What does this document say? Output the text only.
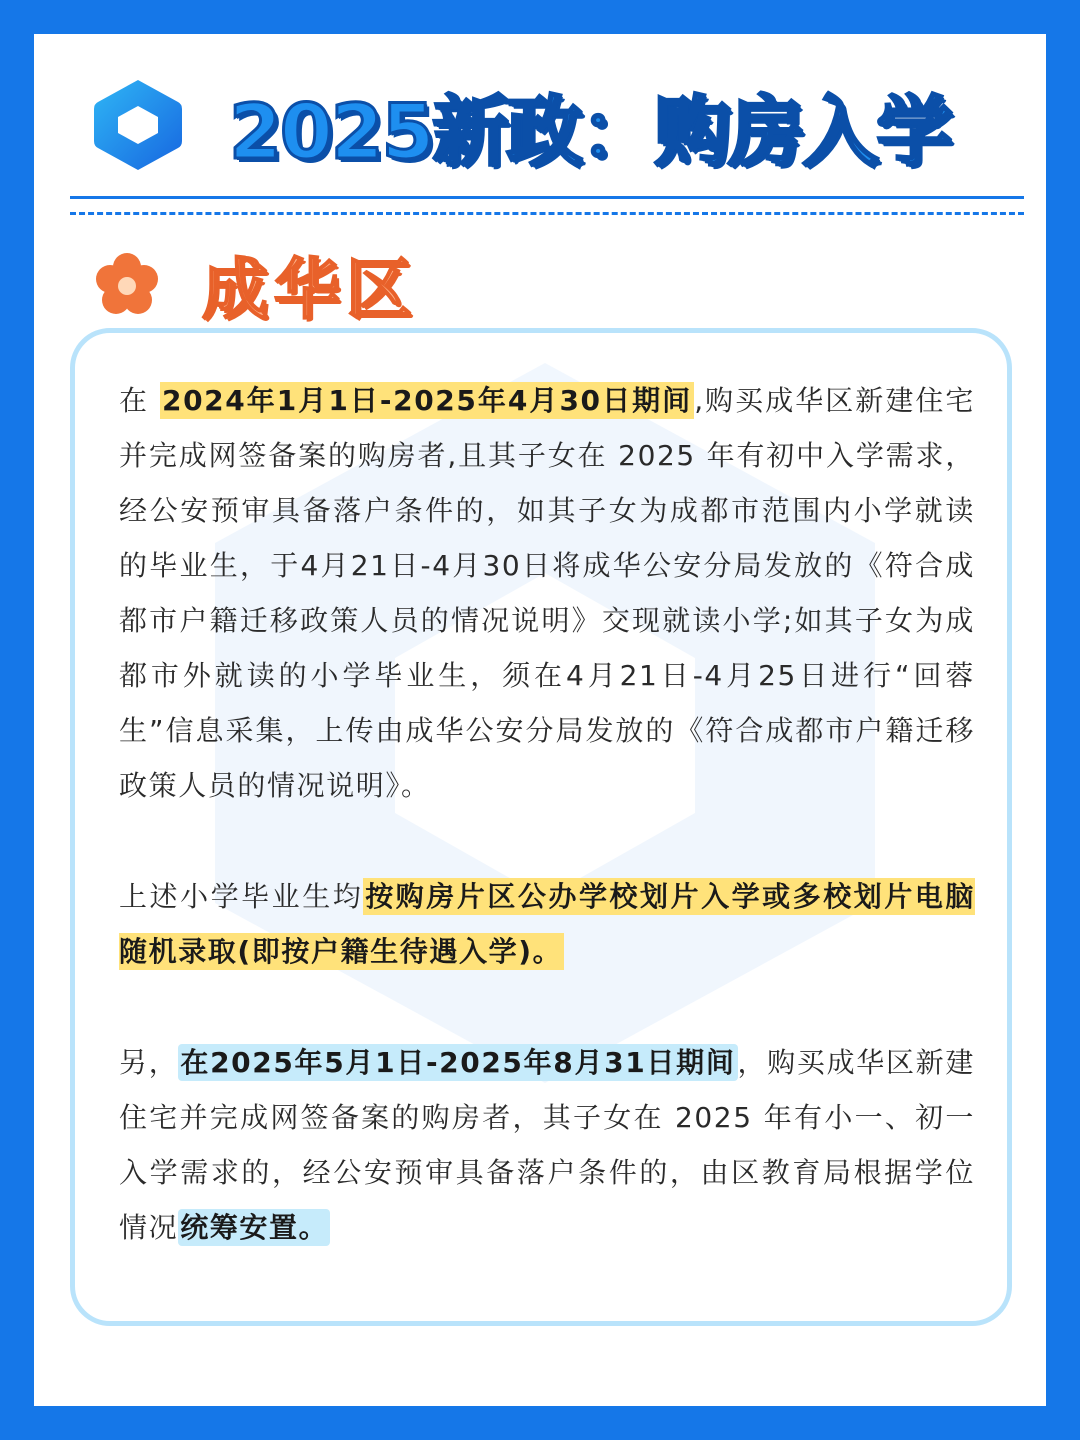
2025新政：购房入学
成华区

在 2024年1月1日-2025年4月30日期间,购买成华区新建住宅并完成网签备案的购房者,且其子女在 2025 年有初中入学需求，经公安预审具备落户条件的，如其子女为成都市范围内小学就读的毕业生，于4月21日-4月30日将成华公安分局发放的《符合成都市户籍迁移政策人员的情况说明》交现就读小学;如其子女为成都市外就读的小学毕业生，须在4月21日-4月25日进行“回蓉生”信息采集，上传由成华公安分局发放的《符合成都市户籍迁移政策人员的情况说明》。

上述小学毕业生均按购房片区公办学校划片入学或多校划片电脑随机录取(即按户籍生待遇入学)。

另，在2025年5月1日-2025年8月31日期间，购买成华区新建住宅并完成网签备案的购房者，其子女在 2025 年有小一、初一入学需求的，经公安预审具备落户条件的，由区教育局根据学位情况统筹安置。
